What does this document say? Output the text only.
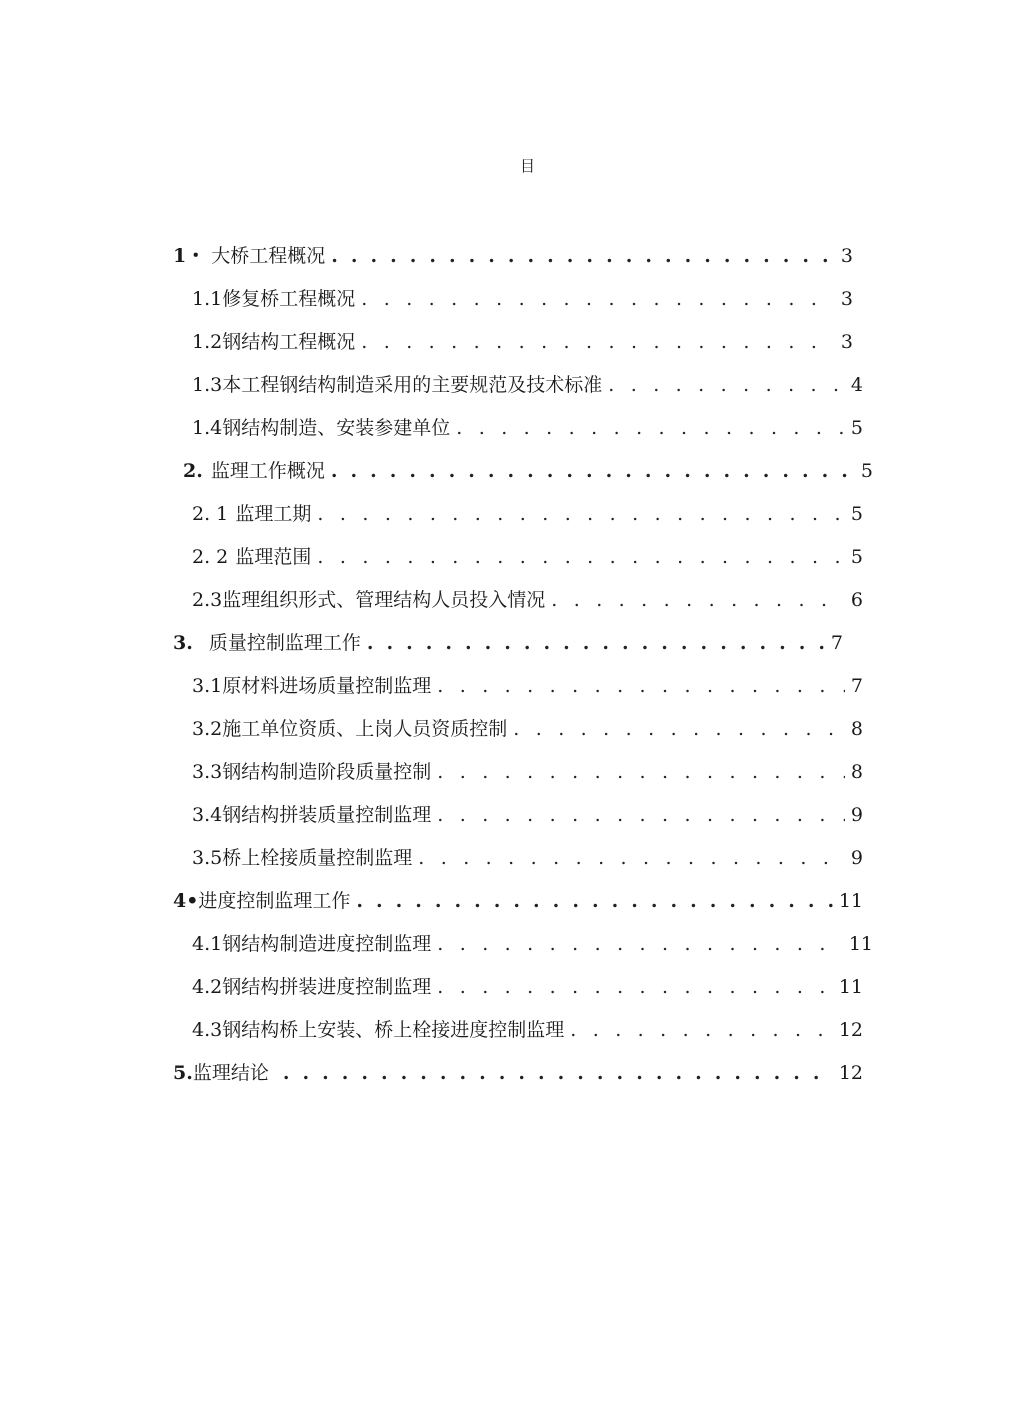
目
1・ 大桥工程概况 . . .	3
1.1 修复桥工程概况 . . .	3
1.2 钢结构工程概况 . . .	3
1.3 本工程钢结构制造采用的主要规范及技术标准 . . .	4
1.4 钢结构制造、安装参建单位 . . .	5
2. 监理工作概况 . . .	5
2. 1 监理工期 . . .	5
2. 2 监理范围 . . .	5
2.3 监理组织形式、管理结构人员投入情况 . . .	6
3. 质量控制监理工作 . . .	7
3.1 原材料进场质量控制监理 . . .	7
3.2 施工单位资质、上岗人员资质控制 . . .	8
3.3 钢结构制造阶段质量控制 . . .	8
3.4 钢结构拼装质量控制监理 . . .	9
3.5 桥上栓接质量控制监理 . . .	9
4• 进度控制监理工作 . . .	11
4.1 钢结构制造进度控制监理 . . .	11
4.2 钢结构拼装进度控制监理 . . .	11
4.3 钢结构桥上安装、桥上栓接进度控制监理 . . .	12
5. 监理结论 . . .	12
